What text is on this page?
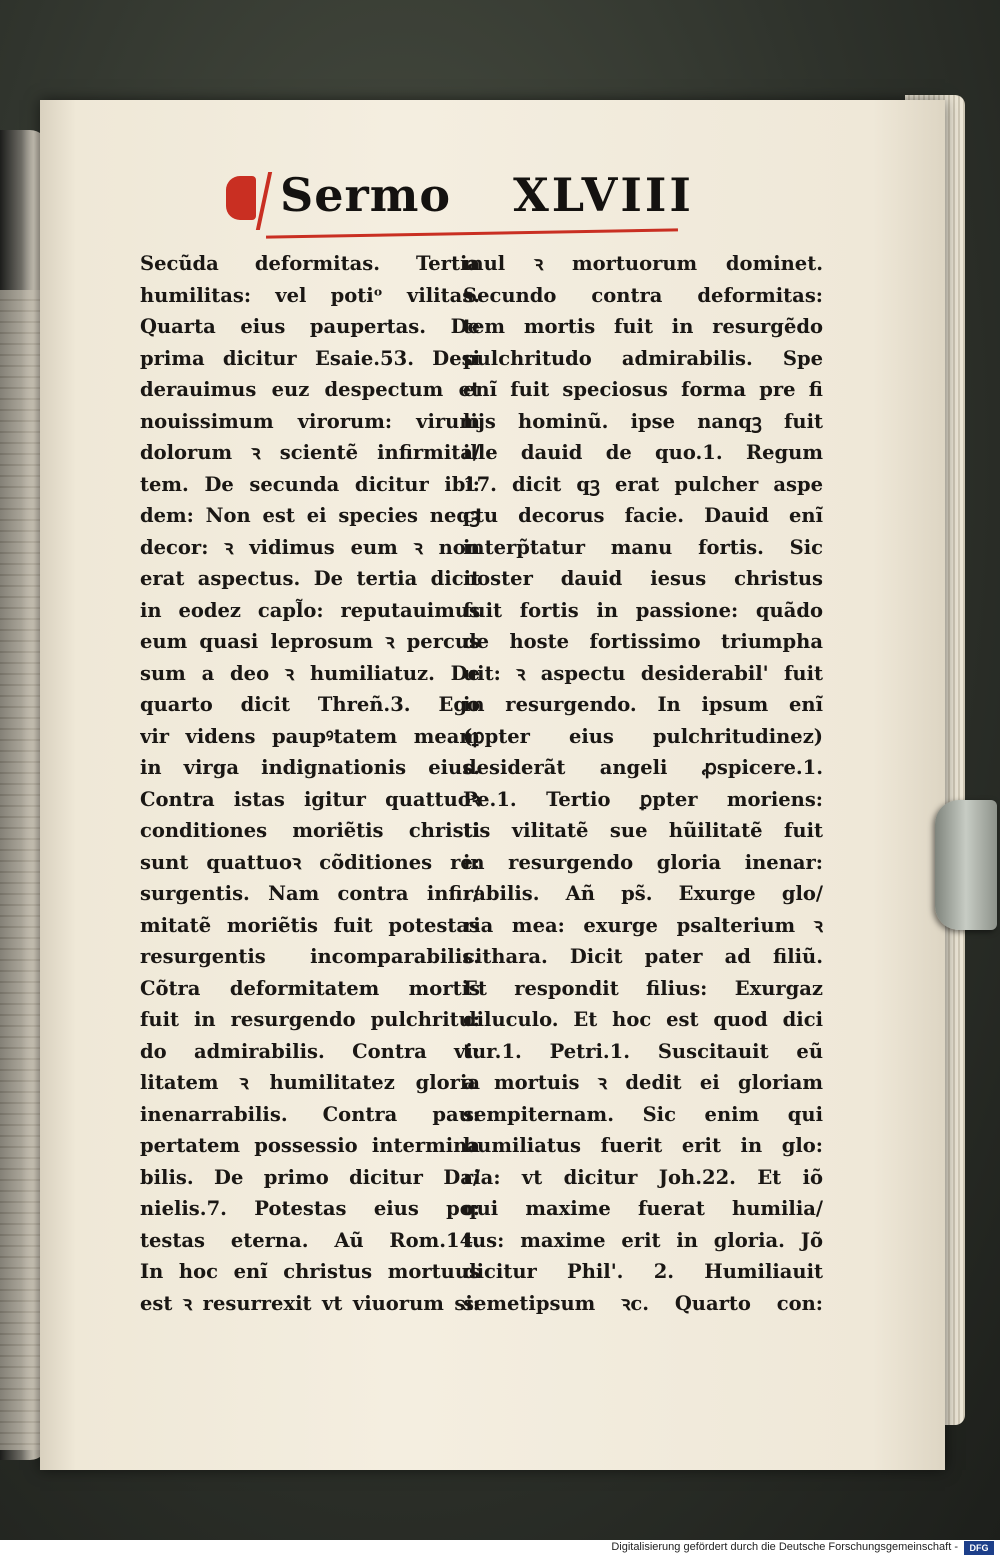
Sermo XLVIII
Secũda deformitas. Tertia
humilitas: vel potiᵒ vilitas.
Quarta eius paupertas. De
prima dicitur Esaie.53. Desi
derauimus euz despectum et
nouissimum virorum: virum
dolorum ꝛ scientẽ infirmita/
tem. De secunda dicitur ibi:
dem: Non est ei species neqꝫ
decor: ꝛ vidimus eum ꝛ non
erat aspectus. De tertia dicit
in eodez capl̃o: reputauimus
eum quasi leprosum ꝛ percus
sum a deo ꝛ humiliatuz. De
quarto dicit Threñ.3. Ego
vir videns paupꝰtatem meam
in virga indignationis eius.
Contra istas igitur quattuoꝛ
conditiones moriẽtis christi
sunt quattuoꝛ cõditiones re:
surgentis. Nam contra infir/
mitatẽ moriẽtis fuit potestas
resurgentis incomparabilis.
Cõtra deformitatem mortis
fuit in resurgendo pulchritu:
do admirabilis. Contra vi:
litatem ꝛ humilitatez gloria
inenarrabilis. Contra pau:
pertatem possessio intermina
bilis. De primo dicitur Da/
nielis.7. Potestas eius po:
testas eterna. Aũ Rom.14.
In hoc enĩ christus mortuus
est ꝛ resurrexit vt viuorum si:
mul ꝛ mortuorum dominet.
Secundo contra deformitas:
tem mortis fuit in resurgẽdo
pulchritudo admirabilis. Spe
enĩ fuit speciosus forma pre fi
lijs hominũ. ipse nanqꝫ fuit
ille dauid de quo.1. Regum
17. dicit qꝫ erat pulcher aspe
ctu decorus facie. Dauid enĩ
interp̃tatur manu fortis. Sic
noster dauid iesus christus
fuit fortis in passione: quãdo
de hoste fortissimo triumpha
uit: ꝛ aspectu desiderabil' fuit
in resurgendo. In ipsum enĩ
(ꝑpter eius pulchritudinez)
desiderãt angeli ꝓspicere.1.
Pe.1. Tertio ꝑpter moriens:
tis vilitatẽ sue hũilitatẽ fuit
in resurgendo gloria inenar:
rabilis. Añ ps̃. Exurge glo/
ria mea: exurge psalterium ꝛ
cithara. Dicit pater ad filiũ.
Et respondit filius: Exurgaz
diluculo. Et hoc est quod dici
tur.1. Petri.1. Suscitauit eũ
a mortuis ꝛ dedit ei gloriam
sempiternam. Sic enim qui
humiliatus fuerit erit in glo:
ria: vt dicitur Joh.22. Et iõ
qui maxime fuerat humilia/
tus: maxime erit in gloria. Jõ
dicitur Phil'. 2. Humiliauit
semetipsum ꝛc. Quarto con:
Digitalisierung gefördert durch die Deutsche Forschungsgemeinschaft -	DFG
